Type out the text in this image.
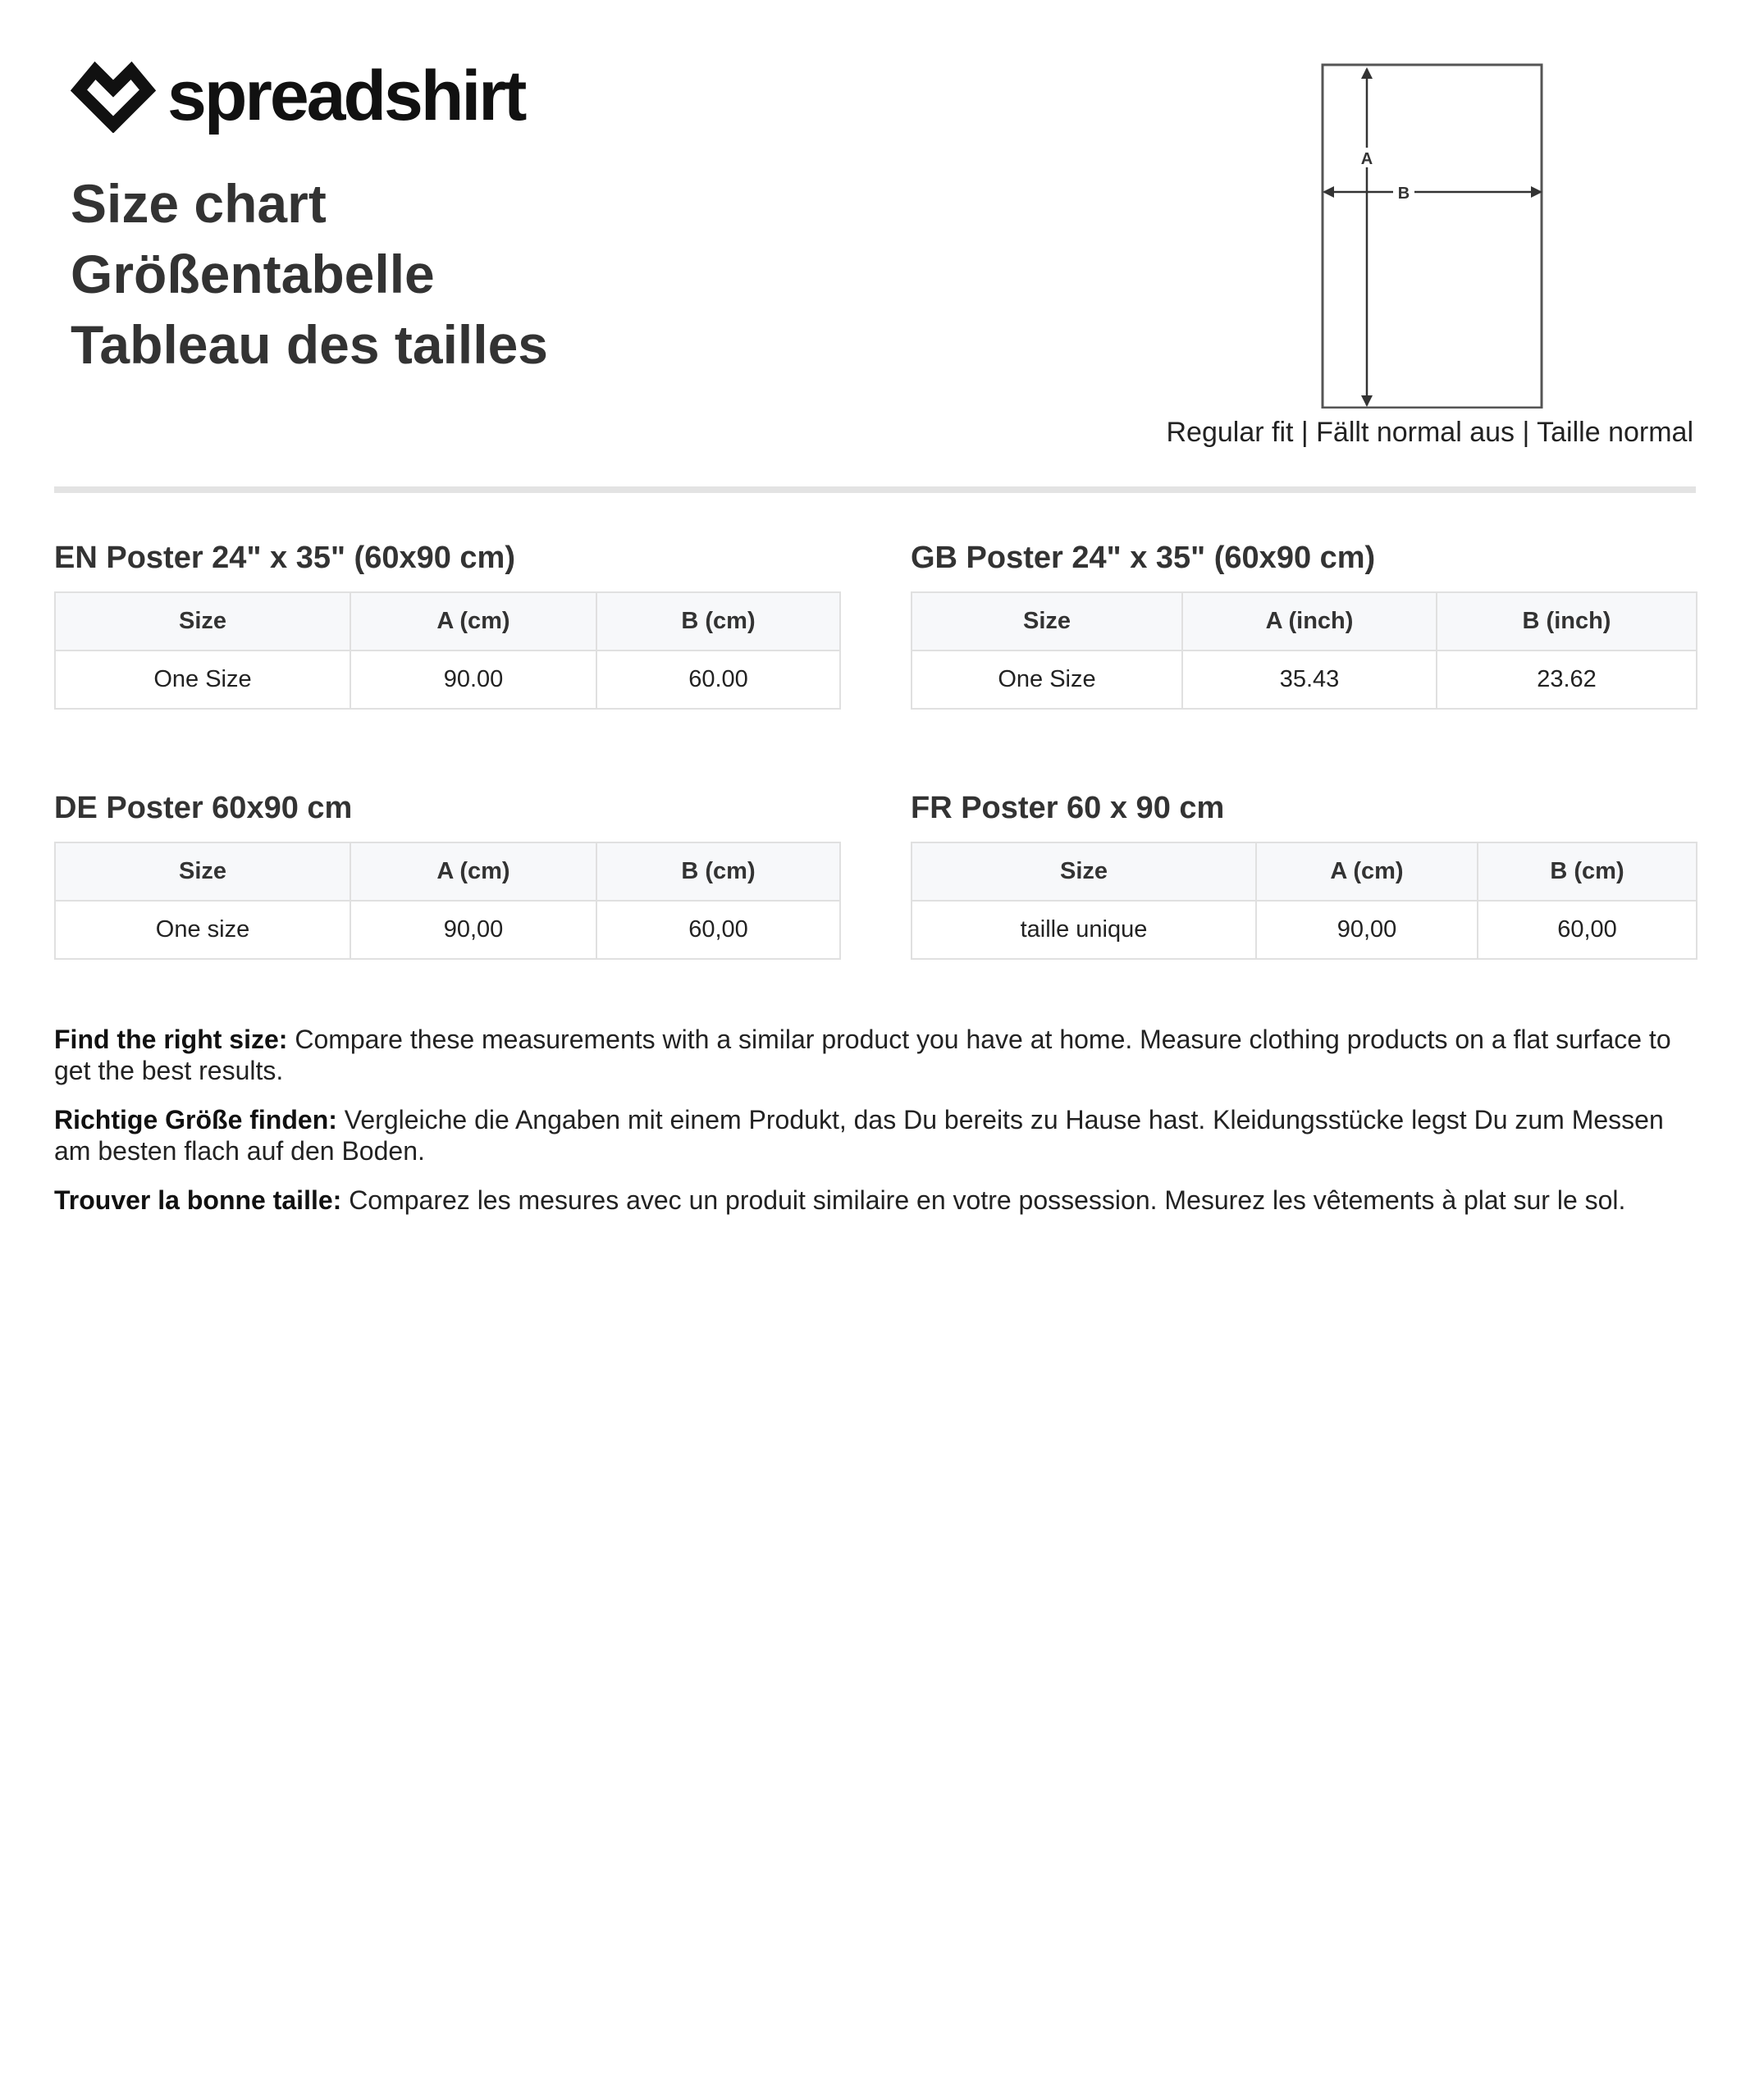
spreadshirt
Size chart
Größentabelle
Tableau des tailles
A
B
Regular fit | Fällt normal aus | Taille normal
EN Poster 24" x 35" (60x90 cm)
Size	A (cm)	B (cm)
One Size	90.00	60.00
GB Poster 24" x 35" (60x90 cm)
Size	A (inch)	B (inch)
One Size	35.43	23.62
DE Poster 60x90 cm
Size	A (cm)	B (cm)
One size	90,00	60,00
FR Poster 60 x 90 cm
Size	A (cm)	B (cm)
taille unique	90,00	60,00

Find the right size: Compare these measurements with a similar product you have at home. Measure clothing products on a flat surface to get the best results.

Richtige Größe finden: Vergleiche die Angaben mit einem Produkt, das Du bereits zu Hause hast. Kleidungsstücke legst Du zum Messen am besten flach auf den Boden.

Trouver la bonne taille: Comparez les mesures avec un produit similaire en votre possession. Mesurez les vêtements à plat sur le sol.
